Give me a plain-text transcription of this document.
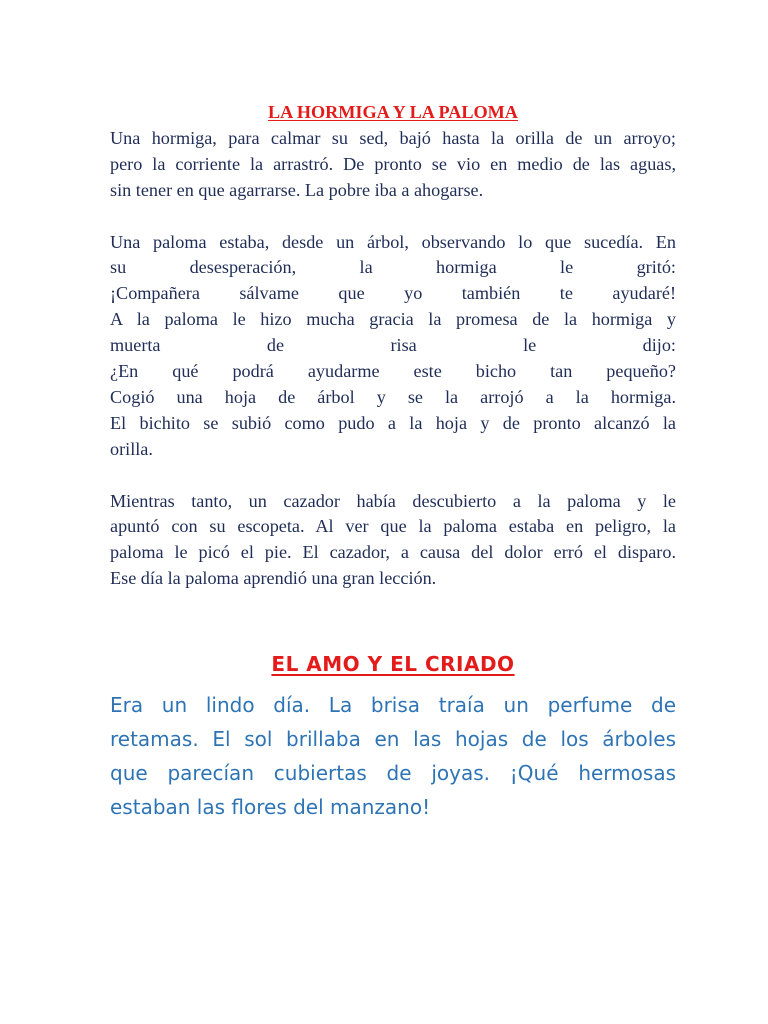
LA HORMIGA Y LA PALOMA
Una hormiga, para calmar su sed, bajó hasta la orilla de un arroyo;
pero la corriente la arrastró. De pronto se vio en medio de las aguas,
sin tener en que agarrarse. La pobre iba a ahogarse.
Una paloma estaba, desde un árbol, observando lo que sucedía. En
su desesperación, la hormiga le gritó:
¡Compañera sálvame que yo también te ayudaré!
A la paloma le hizo mucha gracia la promesa de la hormiga y
muerta de risa le dijo:
¿En qué podrá ayudarme este bicho tan pequeño?
Cogió una hoja de árbol y se la arrojó a la hormiga.
El bichito se subió como pudo a la hoja y de pronto alcanzó la
orilla.
Mientras tanto, un cazador había descubierto a la paloma y le
apuntó con su escopeta. Al ver que la paloma estaba en peligro, la
paloma le picó el pie. El cazador, a causa del dolor erró el disparo.
Ese día la paloma aprendió una gran lección.
EL AMO Y EL CRIADO
Era un lindo día. La brisa traía un perfume de
retamas. El sol brillaba en las hojas de los árboles
que parecían cubiertas de joyas. ¡Qué hermosas
estaban las flores del manzano!
